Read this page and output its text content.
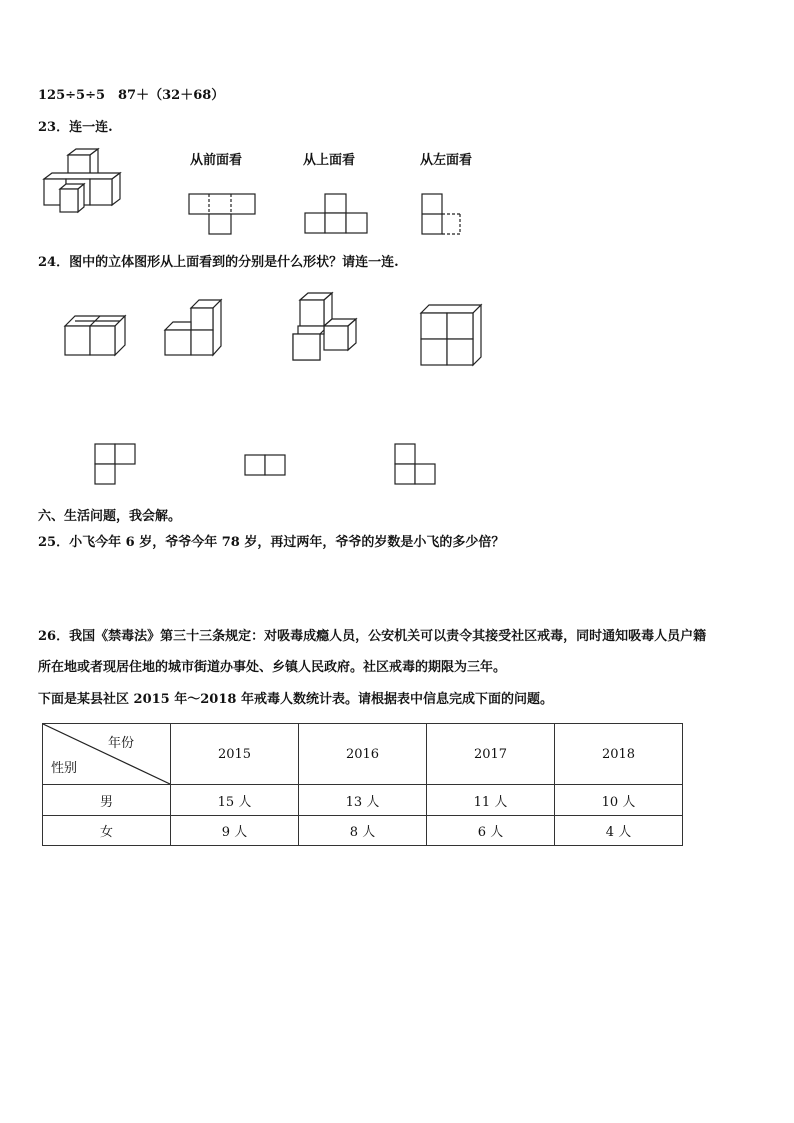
125÷5÷5　87＋（32＋68）
23．连一连.
从前面看	从上面看	从左面看
24．图中的立体图形从上面看到的分别是什么形状？请连一连.
六、生活问题，我会解。
25．小飞今年 6 岁，爷爷今年 78 岁，再过两年，爷爷的岁数是小飞的多少倍？
26．我国《禁毒法》第三十三条规定：对吸毒成瘾人员，公安机关可以责令其接受社区戒毒，同时通知吸毒人员户籍
所在地或者现居住地的城市街道办事处、乡镇人民政府。社区戒毒的期限为三年。
下面是某县社区 2015 年～2018 年戒毒人数统计表。请根据表中信息完成下面的问题。
年份
性别	2015	2016	2017	2018
男	15 人	13 人	11 人	10 人
女	9 人	8 人	6 人	4 人
